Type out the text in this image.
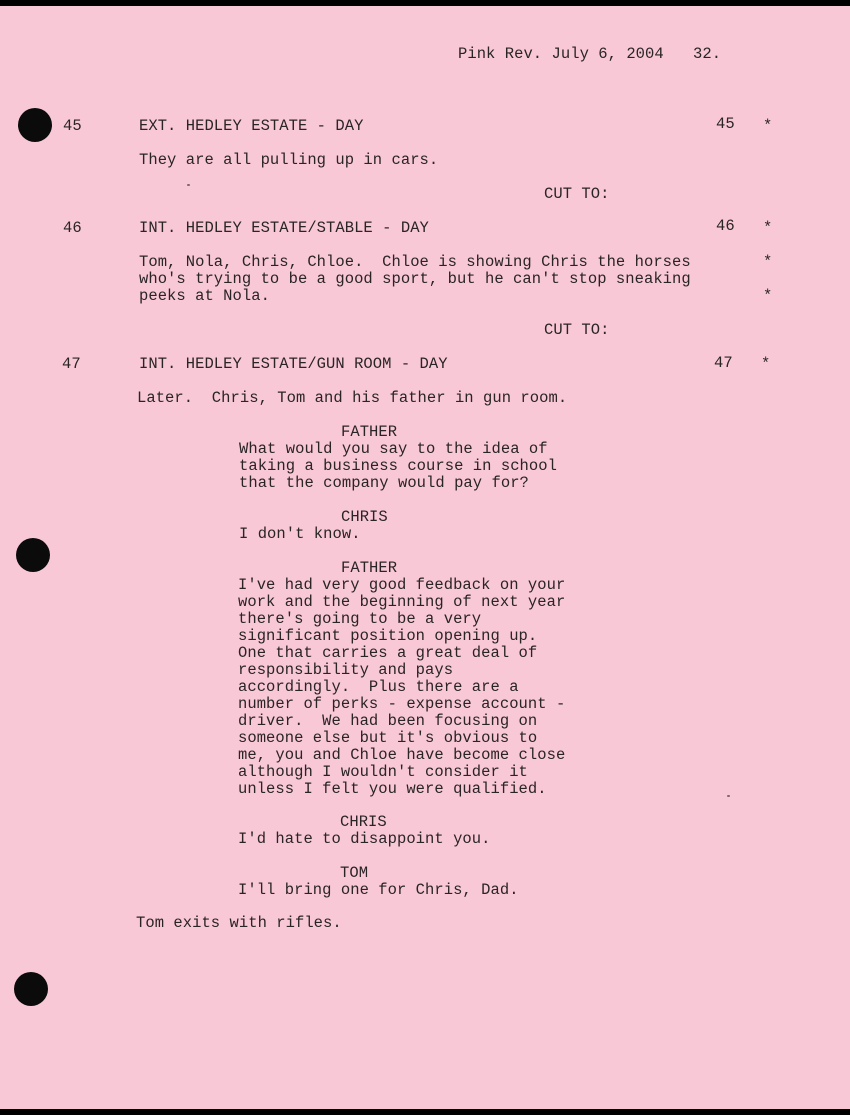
Pink Rev. July 6, 2004 32.
45	EXT. HEDLEY ESTATE - DAY	45 *
They are all pulling up in cars.
CUT TO:
46	INT. HEDLEY ESTATE/STABLE - DAY	46 *
Tom, Nola, Chris, Chloe.  Chloe is showing Chris the horses	*
who's trying to be a good sport, but he can't stop sneaking
peeks at Nola.	*
CUT TO:
47	INT. HEDLEY ESTATE/GUN ROOM - DAY	47 *
Later.  Chris, Tom and his father in gun room.
FATHER
What would you say to the idea of
taking a business course in school
that the company would pay for?
CHRIS
I don't know.
FATHER
I've had very good feedback on your
work and the beginning of next year
there's going to be a very
significant position opening up.
One that carries a great deal of
responsibility and pays
accordingly.  Plus there are a
number of perks - expense account -
driver.  We had been focusing on
someone else but it's obvious to
me, you and Chloe have become close
although I wouldn't consider it
unless I felt you were qualified.
CHRIS
I'd hate to disappoint you.
TOM
I'll bring one for Chris, Dad.
Tom exits with rifles.
